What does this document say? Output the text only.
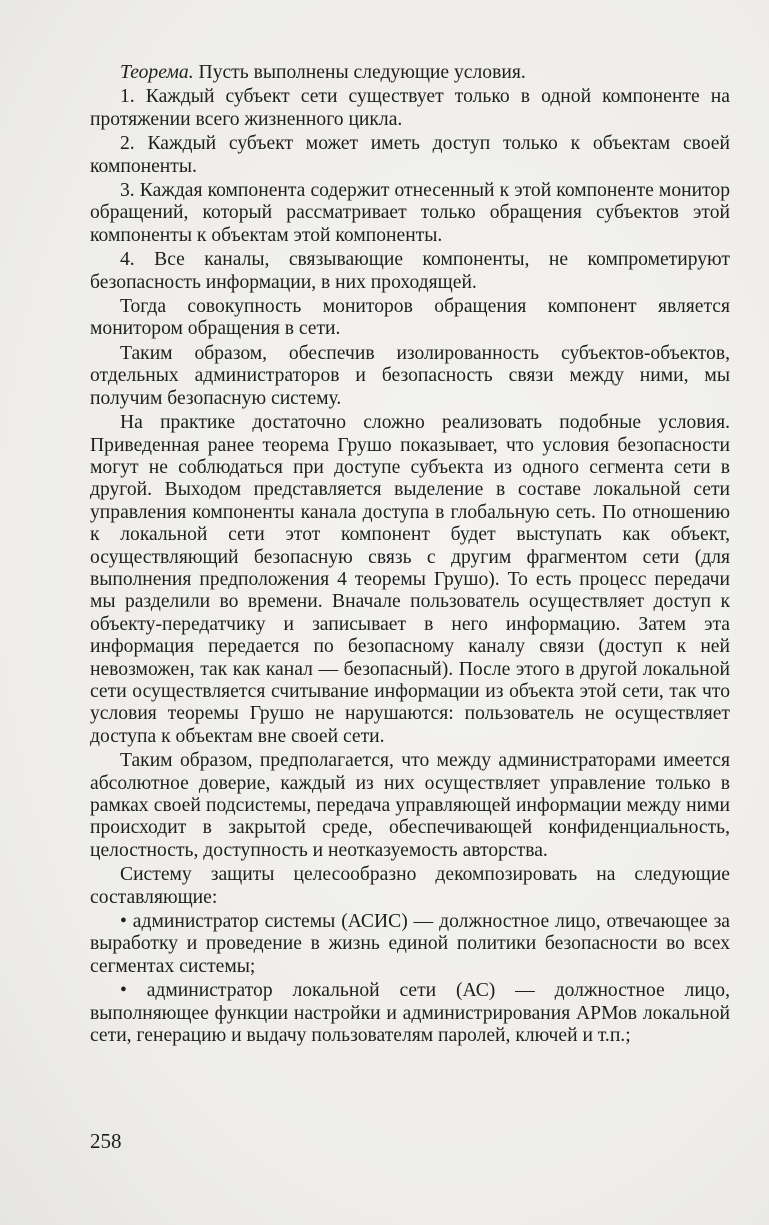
Теорема. Пусть выполнены следующие условия.

1. Каждый субъект сети существует только в одной компоненте на протяжении всего жизненного цикла.

2. Каждый субъект может иметь доступ только к объектам своей компоненты.

3. Каждая компонента содержит отнесенный к этой компоненте монитор обращений, который рассматривает только обращения субъектов этой компоненты к объектам этой компоненты.

4. Все каналы, связывающие компоненты, не компрометируют безопасность информации, в них проходящей.

Тогда совокупность мониторов обращения компонент является монитором обращения в сети.

Таким образом, обеспечив изолированность субъектов-объектов, отдельных администраторов и безопасность связи между ними, мы получим безопасную систему.

На практике достаточно сложно реализовать подобные условия. Приведенная ранее теорема Грушо показывает, что условия безопасности могут не соблюдаться при доступе субъекта из одного сегмента сети в другой. Выходом представляется выделение в составе локальной сети управления компоненты канала доступа в глобальную сеть. По отношению к локальной сети этот компонент будет выступать как объект, осуществляющий безопасную связь с другим фрагментом сети (для выполнения предположения 4 теоремы Грушо). То есть процесс передачи мы разделили во времени. Вначале пользователь осуществляет доступ к объекту-передатчику и записывает в него информацию. Затем эта информация передается по безопасному каналу связи (доступ к ней невозможен, так как канал — безопасный). После этого в другой локальной сети осуществляется считывание информации из объекта этой сети, так что условия теоремы Грушо не нарушаются: пользователь не осуществляет доступа к объектам вне своей сети.

Таким образом, предполагается, что между администраторами имеется абсолютное доверие, каждый из них осуществляет управление только в рамках своей подсистемы, передача управляющей информации между ними происходит в закрытой среде, обеспечивающей конфиденциальность, целостность, доступность и неотказуемость авторства.

Систему защиты целесообразно декомпозировать на следующие составляющие:

• администратор системы (АСИС) — должностное лицо, отвечающее за выработку и проведение в жизнь единой политики безопасности во всех сегментах системы;

• администратор локальной сети (АС) — должностное лицо, выполняющее функции настройки и администрирования АРМов локальной сети, генерацию и выдачу пользователям паролей, ключей и т.п.;

258
